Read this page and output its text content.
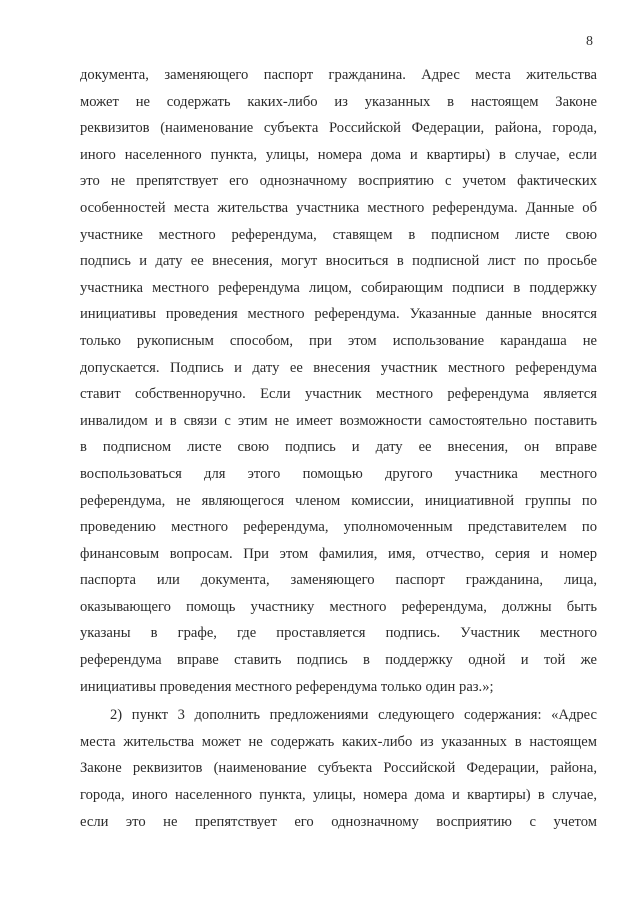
8
документа, заменяющего паспорт гражданина. Адрес места жительства
может не содержать каких-либо из указанных в настоящем Законе
реквизитов (наименование субъекта Российской Федерации, района, города,
иного населенного пункта, улицы, номера дома и квартиры) в случае, если
это не препятствует его однозначному восприятию с учетом фактических
особенностей места жительства участника местного референдума. Данные об
участнике местного референдума, ставящем в подписном листе свою
подпись и дату ее внесения, могут вноситься в подписной лист по просьбе
участника местного референдума лицом, собирающим подписи в поддержку
инициативы проведения местного референдума. Указанные данные вносятся
только рукописным способом, при этом использование карандаша не
допускается. Подпись и дату ее внесения участник местного референдума
ставит собственноручно. Если участник местного референдума является
инвалидом и в связи с этим не имеет возможности самостоятельно поставить
в подписном листе свою подпись и дату ее внесения, он вправе
воспользоваться для этого помощью другого участника местного
референдума, не являющегося членом комиссии, инициативной группы по
проведению местного референдума, уполномоченным представителем по
финансовым вопросам. При этом фамилия, имя, отчество, серия и номер
паспорта или документа, заменяющего паспорт гражданина, лица,
оказывающего помощь участнику местного референдума, должны быть
указаны в графе, где проставляется подпись. Участник местного
референдума вправе ставить подпись в поддержку одной и той же
инициативы проведения местного референдума только один раз.»;
2) пункт 3 дополнить предложениями следующего содержания: «Адрес
места жительства может не содержать каких-либо из указанных в настоящем
Законе реквизитов (наименование субъекта Российской Федерации, района,
города, иного населенного пункта, улицы, номера дома и квартиры) в случае,
если это не препятствует его однозначному восприятию с учетом
